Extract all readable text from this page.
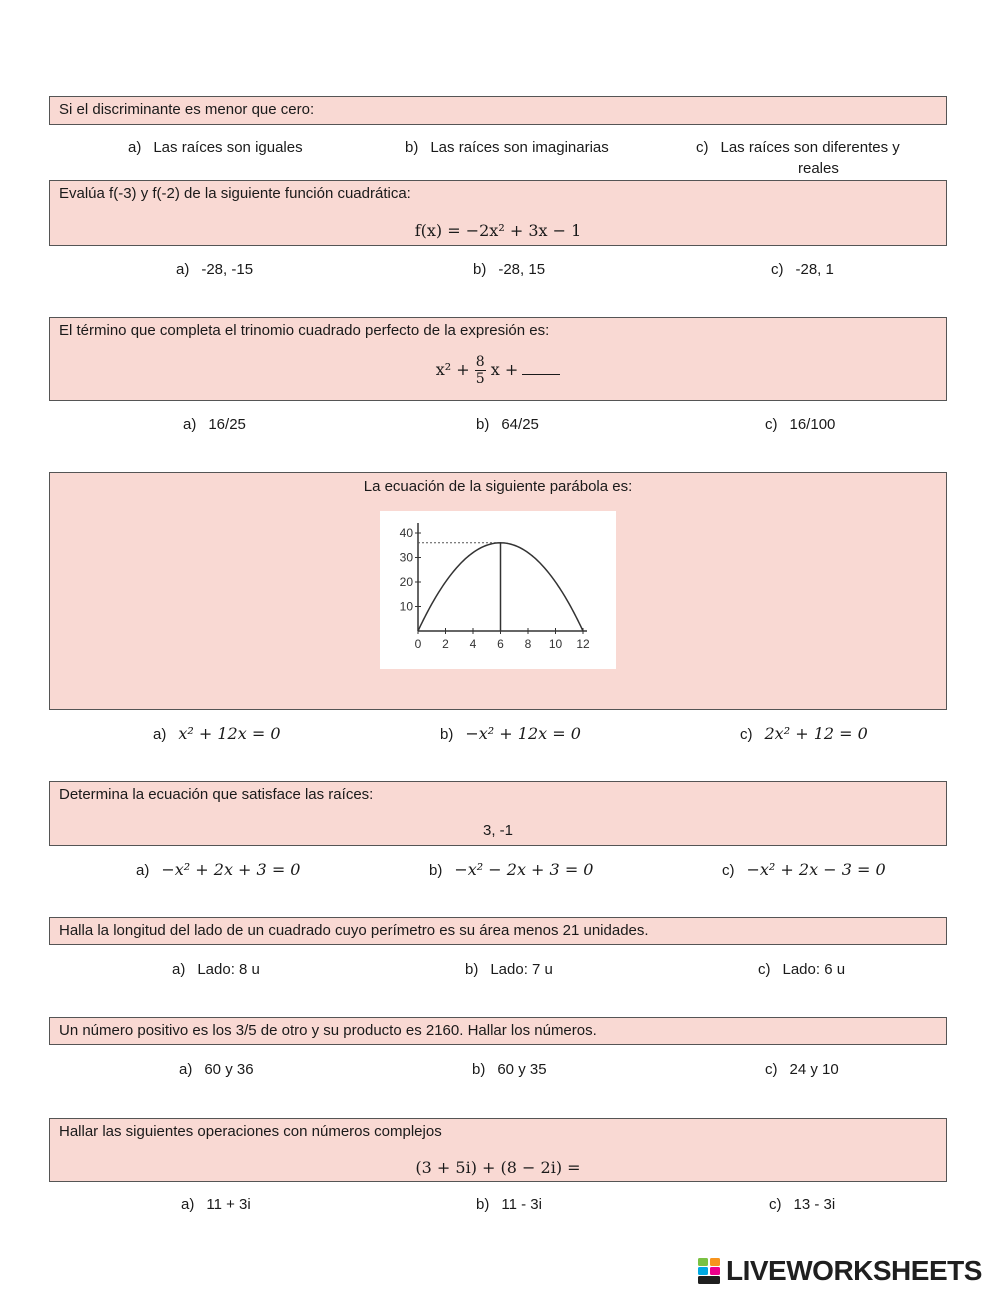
Si el discriminante es menor que cero:
a) Las raíces son iguales	b) Las raíces son imaginarias	c) Las raíces son diferentes y
reales
Evalúa f(-3) y f(-2) de la siguiente función cuadrática:
f(x) = −2x² + 3x − 1
a) -28, -15	b) -28, 15	c) -28, 1
El término que completa el trinomio cuadrado perfecto de la expresión es:
$x^2 + \frac{8}{5}$ x +
a) 16/25	b) 64/25	c) 16/100
La ecuación de la siguiente parábola es:
0 2 4 6 8 10 12
10
20
30
40
a) x² + 12x = 0	b) −x² + 12x = 0	c) 2x² + 12 = 0
Determina la ecuación que satisface las raíces:
3, -1
a) −x² + 2x + 3 = 0	b) −x² − 2x + 3 = 0	c) −x² + 2x − 3 = 0
Halla la longitud del lado de un cuadrado cuyo perímetro es su área menos 21 unidades.
a) Lado: 8 u	b) Lado: 7 u	c) Lado: 6 u
Un número positivo es los 3/5 de otro y su producto es 2160. Hallar los números.
a) 60 y 36	b) 60 y 35	c) 24 y 10
Hallar las siguientes operaciones con números complejos
(3 + 5i) + (8 − 2i) =
a) 11 + 3i	b) 11 - 3i	c) 13 - 3i
LIVEWORKSHEETS
